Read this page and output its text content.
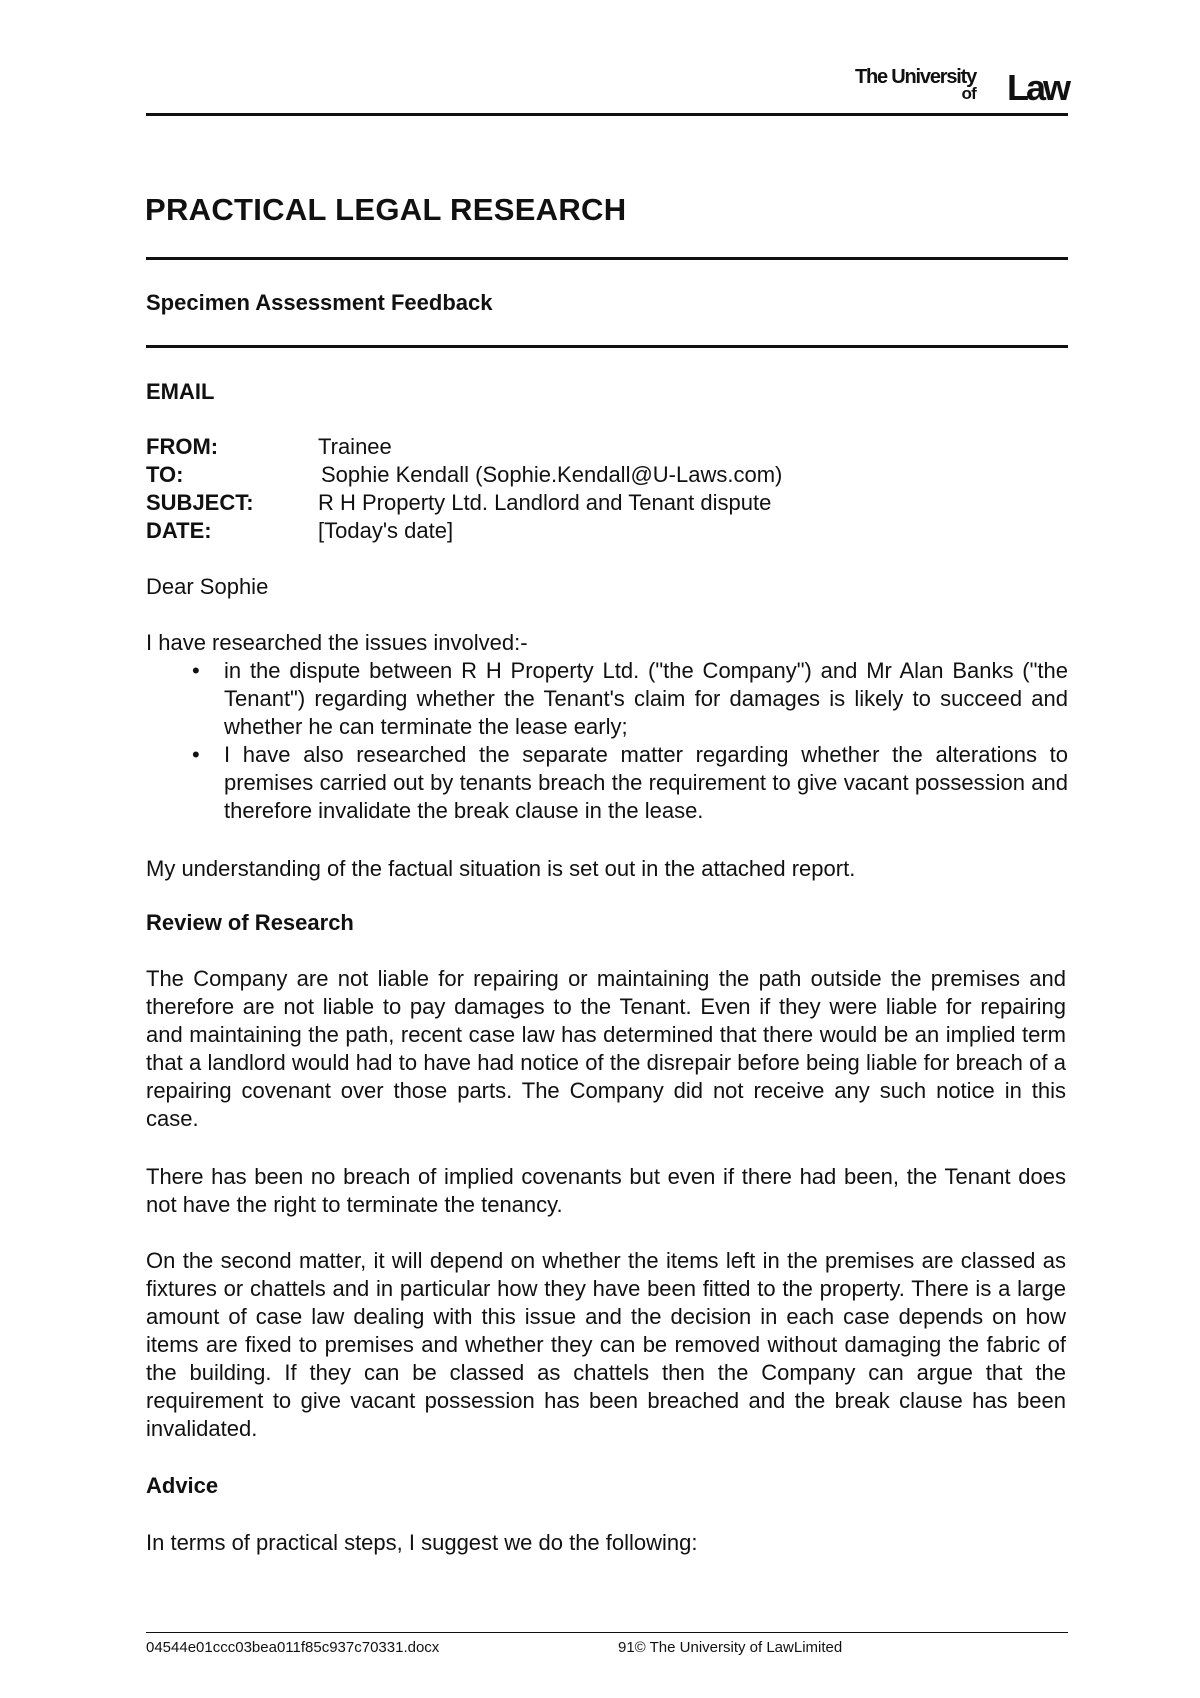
The University
of Law
PRACTICAL LEGAL RESEARCH
Specimen Assessment Feedback
EMAIL
FROM:	Trainee
TO:	Sophie Kendall (Sophie.Kendall@U-Laws.com)
SUBJECT:	R H Property Ltd. Landlord and Tenant dispute
DATE:	[Today's date]
Dear Sophie
I have researched the issues involved:-
• in the dispute between R H Property Ltd. ("the Company") and Mr Alan Banks ("the Tenant") regarding whether the Tenant's claim for damages is likely to succeed and whether he can terminate the lease early;
• I have also researched the separate matter regarding whether the alterations to premises carried out by tenants breach the requirement to give vacant possession and therefore invalidate the break clause in the lease.
My understanding of the factual situation is set out in the attached report.
Review of Research
The Company are not liable for repairing or maintaining the path outside the premises and therefore are not liable to pay damages to the Tenant. Even if they were liable for repairing and maintaining the path, recent case law has determined that there would be an implied term that a landlord would had to have had notice of the disrepair before being liable for breach of a repairing covenant over those parts. The Company did not receive any such notice in this case.
There has been no breach of implied covenants but even if there had been, the Tenant does not have the right to terminate the tenancy.
On the second matter, it will depend on whether the items left in the premises are classed as fixtures or chattels and in particular how they have been fitted to the property. There is a large amount of case law dealing with this issue and the decision in each case depends on how items are fixed to premises and whether they can be removed without damaging the fabric of the building. If they can be classed as chattels then the Company can argue that the requirement to give vacant possession has been breached and the break clause has been invalidated.
Advice
In terms of practical steps, I suggest we do the following:
04544e01ccc03bea011f85c937c70331.docx	91© The University of LawLimited
